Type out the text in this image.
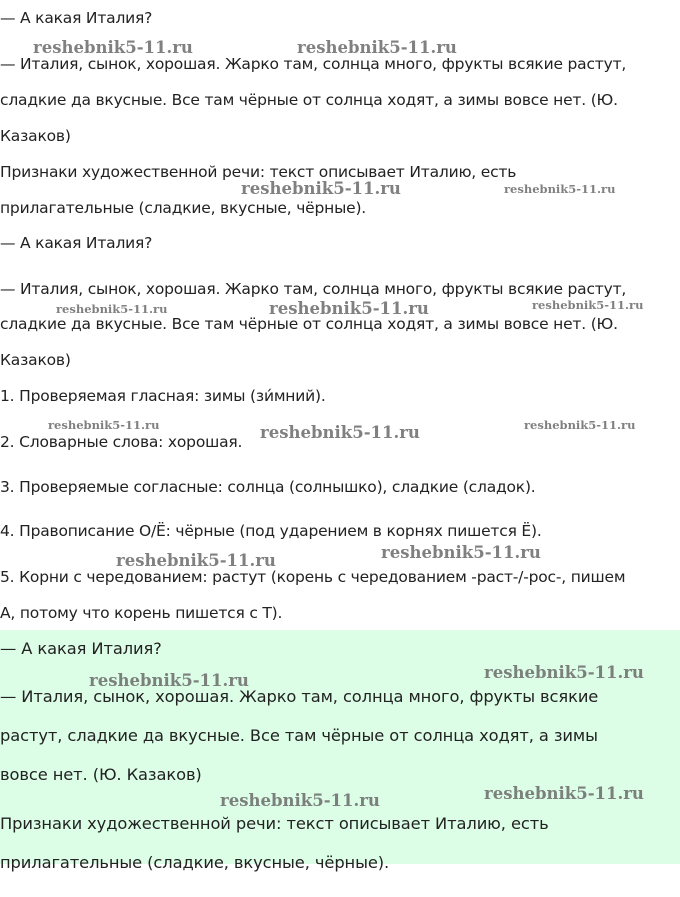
— А какая Италия?
— Италия, сынок, хорошая. Жарко там, солнца много, фрукты всякие растут,
сладкие да вкусные. Все там чёрные от солнца ходят, а зимы вовсе нет. (Ю.
Казаков)
Признаки художественной речи: текст описывает Италию, есть
прилагательные (сладкие, вкусные, чёрные).
— А какая Италия?
— Италия, сынок, хорошая. Жарко там, солнца много, фрукты всякие растут,
сладкие да вкусные. Все там чёрные от солнца ходят, а зимы вовсе нет. (Ю.
Казаков)
1. Проверяемая гласная: зимы (зи́мний).
2. Словарные слова: хорошая.
3. Проверяемые согласные: солнца (солнышко), сладкие (сладок).
4. Правописание О/Ё: чёрные (под ударением в корнях пишется Ё).
5. Корни с чередованием: растут (корень с чередованием -раст-/-рос-, пишем
А, потому что корень пишется с Т).
— А какая Италия?
— Италия, сынок, хорошая. Жарко там, солнца много, фрукты всякие
растут, сладкие да вкусные. Все там чёрные от солнца ходят, а зимы
вовсе нет. (Ю. Казаков)
Признаки художественной речи: текст описывает Италию, есть
прилагательные (сладкие, вкусные, чёрные).
reshebnik5-11.ru	reshebnik5-11.ru
reshebnik5-11.ru	reshebnik5-11.ru
reshebnik5-11.ru	reshebnik5-11.ru	reshebnik5-11.ru
reshebnik5-11.ru	reshebnik5-11.ru	reshebnik5-11.ru
reshebnik5-11.ru	reshebnik5-11.ru
reshebnik5-11.ru	reshebnik5-11.ru
reshebnik5-11.ru	reshebnik5-11.ru
